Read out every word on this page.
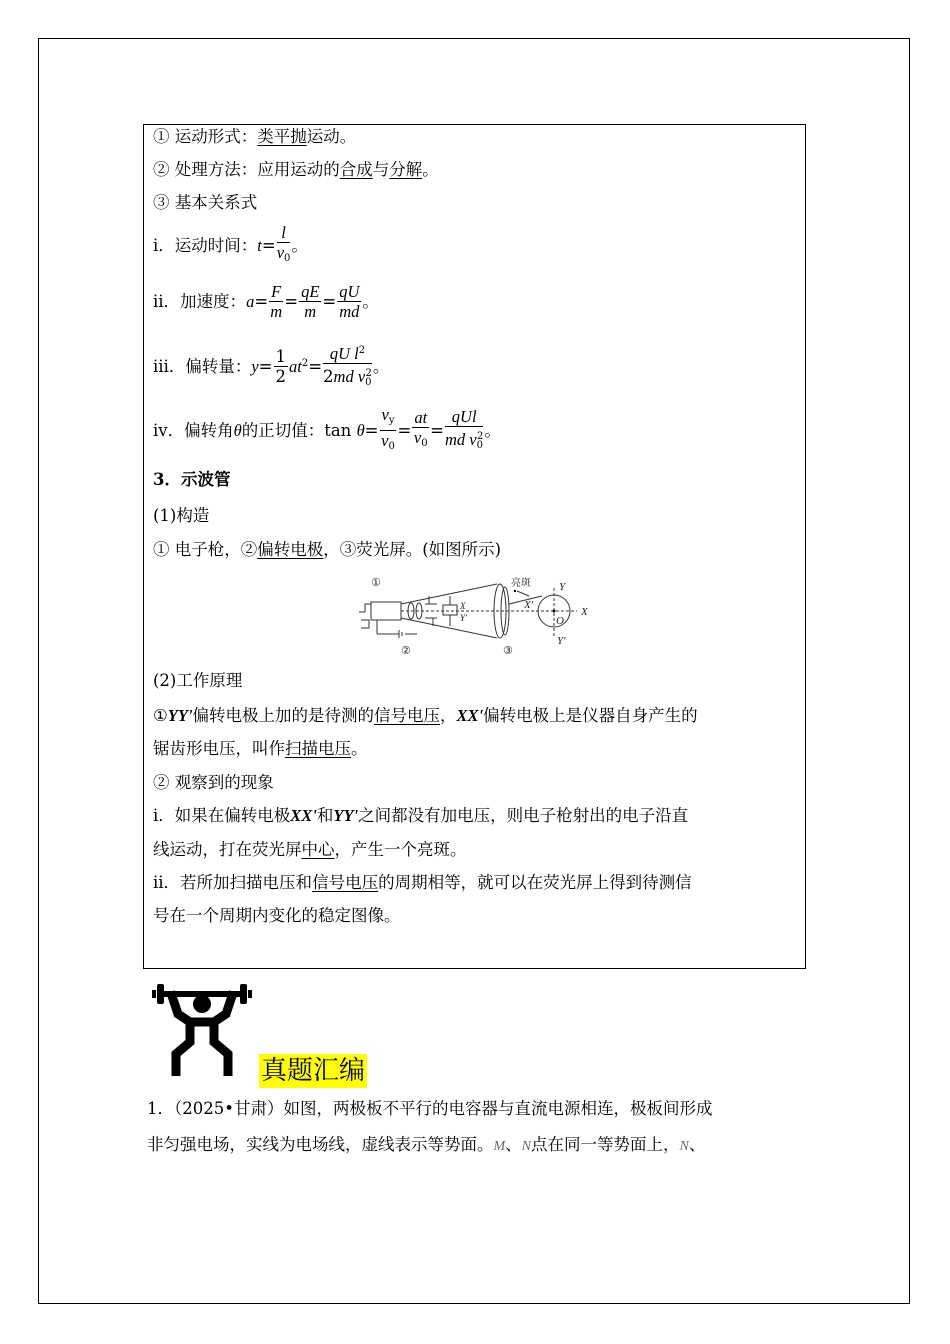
① 运动形式：类平抛运动。
② 处理方法：应用运动的合成与分解。
③ 基本关系式
ⅰ．运动时间：$t= \frac{l}{v_0}$ 。
ⅱ．加速度：$a= \frac{F}{m} = \frac{qE}{m} = \frac{qU}{md}$ 。
ⅲ．偏转量：$y= \frac{1}{2} at^2= \frac{qU l^2}{2md v_0^2}$ 。
ⅳ．偏转角θ的正切值：$\tan \theta= \frac{v_y}{v_0} = \frac{at}{v_0} = \frac{\text{qUl}}{md v_0^2}$ 。
3．示波管
(1)构造
① 电子枪，②偏转电极，③荧光屏。(如图所示)
①
②	③
亮斑	Y
Y'
X
X'
O
X
Y'
(2)工作原理
①YY'偏转电极上加的是待测的信号电压，XX'偏转电极上是仪器自身产生的
锯齿形电压，叫作扫描电压。
② 观察到的现象
ⅰ．如果在偏转电极XX'和YY'之间都没有加电压，则电子枪射出的电子沿直
线运动，打在荧光屏中心，产生一个亮斑。
ⅱ．若所加扫描电压和信号电压的周期相等，就可以在荧光屏上得到待测信
号在一个周期内变化的稳定图像。
真题汇编
1．（2025•甘肃）如图，两极板不平行的电容器与直流电源相连，极板间形成
非匀强电场，实线为电场线，虚线表示等势面。M、N点在同一等势面上，N、
